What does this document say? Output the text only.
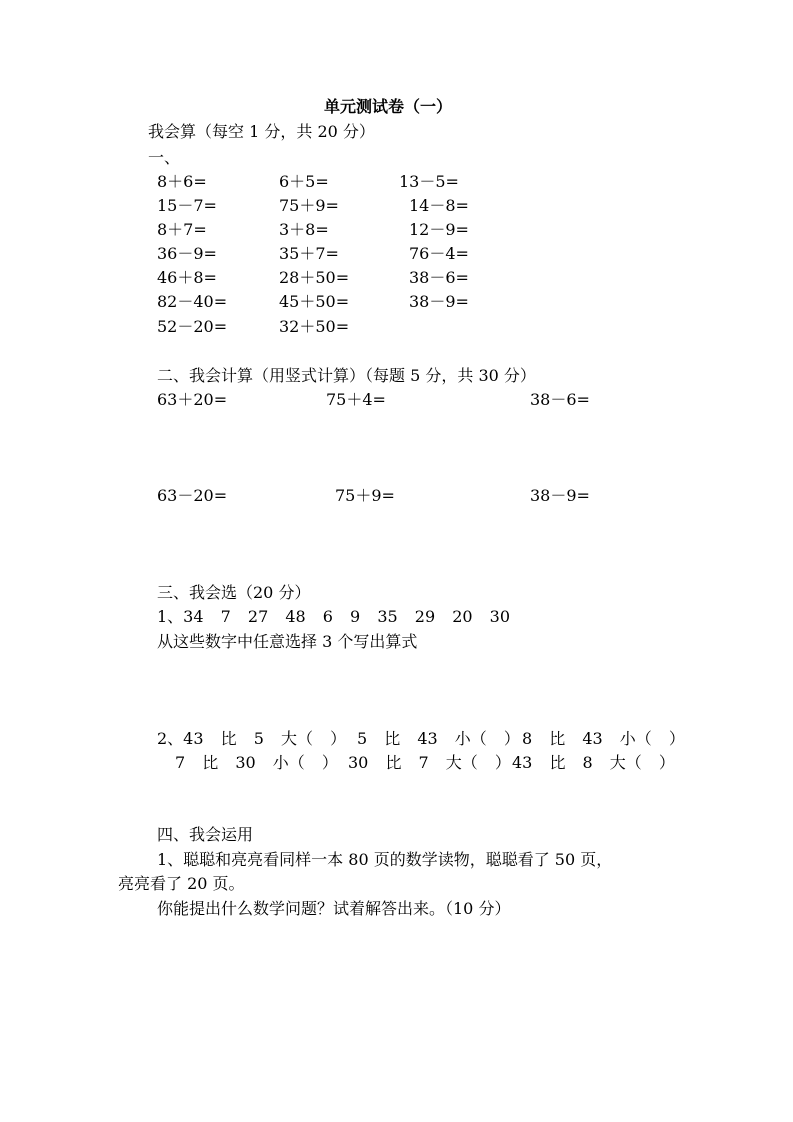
单元测试卷（一）
我会算（每空 1 分，共 20 分）
一、
8＋6=	6＋5=	13－5=
15－7=	75＋9=	14－8=
8＋7=	3＋8=	12－9=
36－9=	35＋7=	76－4=
46＋8=	28＋50=	38－6=
82－40=	45＋50=	38－9=
52－20=	32＋50=
二、我会计算（用竖式计算）（每题 5 分，共 30 分）
63＋20=	75＋4=	38－6=
63－20=	75＋9=	38－9=
三、我会选（20 分）
1、34 7 27 48 6 9 35 29 20 30
从这些数字中任意选择 3 个写出算式
2、43 比 5 大（ ） 5 比 43 小（ ） 8 比 43 小（ ）
7 比 30 小（ ） 30 比 7 大（ ） 43 比 8 大（ ）
四、我会运用
1、聪聪和亮亮看同样一本 80 页的数学读物，聪聪看了 50 页，
亮亮看了 20 页。
你能提出什么数学问题？试着解答出来。（10 分）
